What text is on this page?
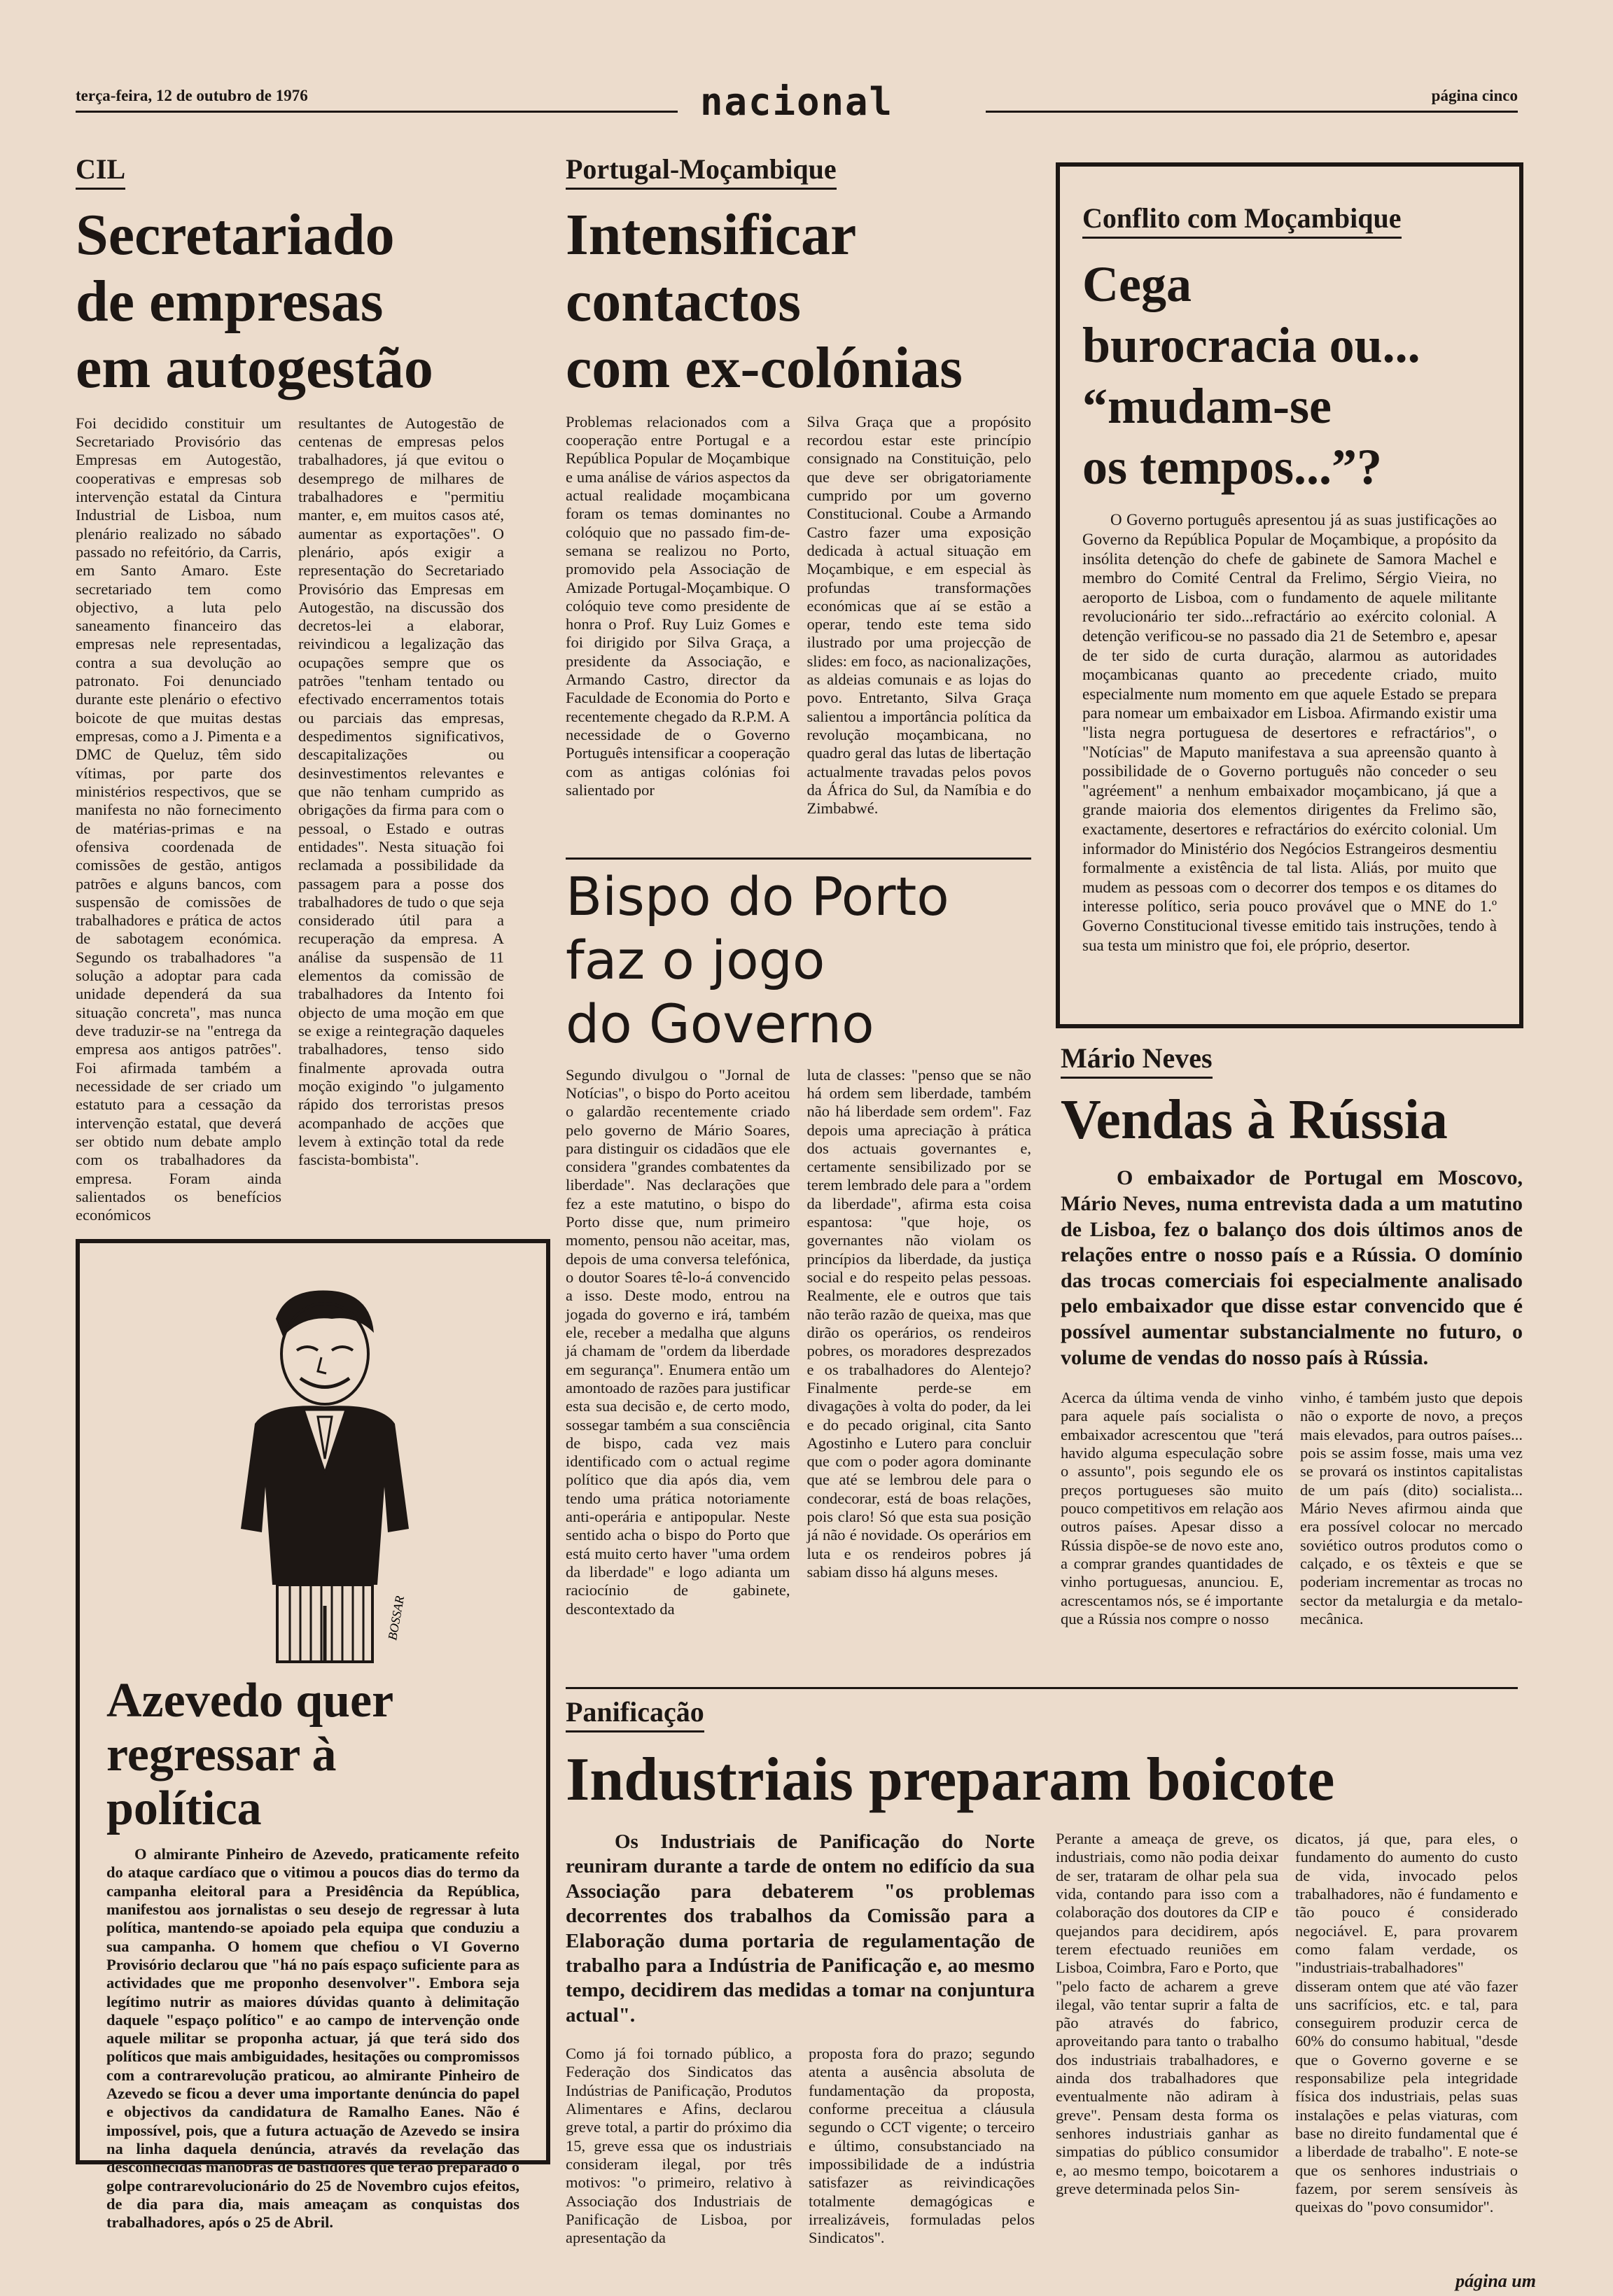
terça-feira, 12 de outubro de 1976	nacional	página cinco
CIL
Secretariado
de empresas
em autogestão
Foi decidido constituir um Secretariado Provisório das Empresas em Autogestão, cooperativas e empresas sob intervenção estatal da Cintura Industrial de Lisboa, num plenário realizado no sábado passado no refeitório, da Carris, em Santo Amaro. Este secretariado tem como objectivo, a luta pelo saneamento financeiro das empresas nele representadas, contra a sua devolução ao patronato. Foi denunciado durante este plenário o efectivo boicote de que muitas destas empresas, como a J. Pimenta e a DMC de Queluz, têm sido vítimas, por parte dos ministérios respectivos, que se manifesta no não fornecimento de matérias-primas e na ofensiva coordenada de comissões de gestão, antigos patrões e alguns bancos, com suspensão de comissões de trabalhadores e prática de actos de sabotagem económica. Segundo os trabalhadores "a solução a adoptar para cada unidade dependerá da sua situação concreta", mas nunca deve traduzir-se na "entrega da empresa aos antigos patrões". Foi afirmada também a necessidade de ser criado um estatuto para a cessação da intervenção estatal, que deverá ser obtido num debate amplo com os trabalhadores da empresa. Foram ainda salientados os benefícios económicos
resultantes de Autogestão de centenas de empresas pelos trabalhadores, já que evitou o desemprego de milhares de trabalhadores e "permitiu manter, e, em muitos casos até, aumentar as exportações". O plenário, após exigir a representação do Secretariado Provisório das Empresas em Autogestão, na discussão dos decretos-lei a elaborar, reivindicou a legalização das ocupações sempre que os patrões "tenham tentado ou efectivado encerramentos totais ou parciais das empresas, despedimentos significativos, descapitalizações ou desinvestimentos relevantes e que não tenham cumprido as obrigações da firma para com o pessoal, o Estado e outras entidades". Nesta situação foi reclamada a possibilidade da passagem para a posse dos trabalhadores de tudo o que seja considerado útil para a recuperação da empresa. A análise da suspensão de 11 elementos da comissão de trabalhadores da Intento foi objecto de uma moção em que se exige a reintegração daqueles trabalhadores, tenso sido finalmente aprovada outra moção exigindo "o julgamento rápido dos terroristas presos acompanhado de acções que levem à extinção total da rede fascista-bombista".
Portugal-Moçambique
Intensificar
contactos
com ex-colónias
Problemas relacionados com a cooperação entre Portugal e a República Popular de Moçambique e uma análise de vários aspectos da actual realidade moçambicana foram os temas dominantes no colóquio que no passado fim-de-semana se realizou no Porto, promovido pela Associação de Amizade Portugal-Moçambique. O colóquio teve como presidente de honra o Prof. Ruy Luiz Gomes e foi dirigido por Silva Graça, a presidente da Associação, e Armando Castro, director da Faculdade de Economia do Porto e recentemente chegado da R.P.M. A necessidade de o Governo Português intensificar a cooperação com as antigas colónias foi salientado por
Silva Graça que a propósito recordou estar este princípio consignado na Constituição, pelo que deve ser obrigatoriamente cumprido por um governo Constitucional. Coube a Armando Castro fazer uma exposição dedicada à actual situação em Moçambique, e em especial às profundas transformações económicas que aí se estão a operar, tendo este tema sido ilustrado por uma projecção de slides: em foco, as nacionalizações, as aldeias comunais e as lojas do povo. Entretanto, Silva Graça salientou a importância política da revolução moçambicana, no quadro geral das lutas de libertação actualmente travadas pelos povos da África do Sul, da Namíbia e do Zimbabwé.
Bispo do Porto
faz o jogo
do Governo
Segundo divulgou o "Jornal de Notícias", o bispo do Porto aceitou o galardão recentemente criado pelo governo de Mário Soares, para distinguir os cidadãos que ele considera "grandes combatentes da liberdade". Nas declarações que fez a este matutino, o bispo do Porto disse que, num primeiro momento, pensou não aceitar, mas, depois de uma conversa telefónica, o doutor Soares tê-lo-á convencido a isso. Deste modo, entrou na jogada do governo e irá, também ele, receber a medalha que alguns já chamam de "ordem da liberdade em segurança". Enumera então um amontoado de razões para justificar esta sua decisão e, de certo modo, sossegar também a sua consciência de bispo, cada vez mais identificado com o actual regime político que dia após dia, vem tendo uma prática notoriamente anti-operária e antipopular. Neste sentido acha o bispo do Porto que está muito certo haver "uma ordem da liberdade" e logo adianta um raciocínio de gabinete, descontextado da
luta de classes: "penso que se não há ordem sem liberdade, também não há liberdade sem ordem". Faz depois uma apreciação à prática dos actuais governantes e, certamente sensibilizado por se terem lembrado dele para a "ordem da liberdade", afirma esta coisa espantosa: "que hoje, os governantes não violam os princípios da liberdade, da justiça social e do respeito pelas pessoas. Realmente, ele e outros que tais não terão razão de queixa, mas que dirão os operários, os rendeiros pobres, os moradores desprezados e os trabalhadores do Alentejo? Finalmente perde-se em divagações à volta do poder, da lei e do pecado original, cita Santo Agostinho e Lutero para concluir que com o poder agora dominante que até se lembrou dele para o condecorar, está de boas relações, pois claro! Só que esta sua posição já não é novidade. Os operários em luta e os rendeiros pobres já sabiam disso há alguns meses.
Conflito com Moçambique
Cega
burocracia ou...
“mudam-se
os tempos...”?
O Governo português apresentou já as suas justificações ao Governo da República Popular de Moçambique, a propósito da insólita detenção do chefe de gabinete de Samora Machel e membro do Comité Central da Frelimo, Sérgio Vieira, no aeroporto de Lisboa, com o fundamento de aquele militante revolucionário ter sido...refractário ao exército colonial. A detenção verificou-se no passado dia 21 de Setembro e, apesar de ter sido de curta duração, alarmou as autoridades moçambicanas quanto ao precedente criado, muito especialmente num momento em que aquele Estado se prepara para nomear um embaixador em Lisboa. Afirmando existir uma "lista negra portuguesa de desertores e refractários", o "Notícias" de Maputo manifestava a sua apreensão quanto à possibilidade de o Governo português não conceder o seu "agréement" a nenhum embaixador moçambicano, já que a grande maioria dos elementos dirigentes da Frelimo são, exactamente, desertores e refractários do exército colonial. Um informador do Ministério dos Negócios Estrangeiros desmentiu formalmente a existência de tal lista. Aliás, por muito que mudem as pessoas com o decorrer dos tempos e os ditames do interesse político, seria pouco provável que o MNE do 1.º Governo Constitucional tivesse emitido tais instruções, tendo à sua testa um ministro que foi, ele próprio, desertor.
Mário Neves
Vendas à Rússia
O embaixador de Portugal em Moscovo, Mário Neves, numa entrevista dada a um matutino de Lisboa, fez o balanço dos dois últimos anos de relações entre o nosso país e a Rússia. O domínio das trocas comerciais foi especialmente analisado pelo embaixador que disse estar convencido que é possível aumentar substancialmente no futuro, o volume de vendas do nosso país à Rússia.
Acerca da última venda de vinho para aquele país socialista o embaixador acrescentou que "terá havido alguma especulação sobre o assunto", pois segundo ele os preços portugueses são muito pouco competitivos em relação aos outros países. Apesar disso a Rússia dispõe-se de novo este ano, a comprar grandes quantidades de vinho portuguesas, anunciou. E, acrescentamos nós, se é importante que a Rússia nos compre o nosso
vinho, é também justo que depois não o exporte de novo, a preços mais elevados, para outros países... pois se assim fosse, mais uma vez se provará os instintos capitalistas de um país (dito) socialista... Mário Neves afirmou ainda que era possível colocar no mercado soviético outros produtos como o calçado, e os têxteis e que se poderiam incrementar as trocas no sector da metalurgia e da metalo-mecânica.
BOSSAR
Azevedo quer
regressar à
política
O almirante Pinheiro de Azevedo, praticamente refeito do ataque cardíaco que o vitimou a poucos dias do termo da campanha eleitoral para a Presidência da República, manifestou aos jornalistas o seu desejo de regressar à luta política, mantendo-se apoiado pela equipa que conduziu a sua campanha. O homem que chefiou o VI Governo Provisório declarou que "há no país espaço suficiente para as actividades que me proponho desenvolver". Embora seja legítimo nutrir as maiores dúvidas quanto à delimitação daquele "espaço político" e ao campo de intervenção onde aquele militar se proponha actuar, já que terá sido dos políticos que mais ambiguidades, hesitações ou compromissos com a contrarevolução praticou, ao almirante Pinheiro de Azevedo se ficou a dever uma importante denúncia do papel e objectivos da candidatura de Ramalho Eanes. Não é impossível, pois, que a futura actuação de Azevedo se insira na linha daquela denúncia, através da revelação das desconhecidas manobras de bastidores que terão preparado o golpe contrarevolucionário do 25 de Novembro cujos efeitos, de dia para dia, mais ameaçam as conquistas dos trabalhadores, após o 25 de Abril.
Panificação
Industriais preparam boicote
Os Industriais de Panificação do Norte reuniram durante a tarde de ontem no edifício da sua Associação para debaterem "os problemas decorrentes dos trabalhos da Comissão para a Elaboração duma portaria de regulamentação de trabalho para a Indústria de Panificação e, ao mesmo tempo, decidirem das medidas a tomar na conjuntura actual".
Como já foi tornado público, a Federação dos Sindicatos das Indústrias de Panificação, Produtos Alimentares e Afins, declarou greve total, a partir do próximo dia 15, greve essa que os industriais consideram ilegal, por três motivos: "o primeiro, relativo à Associação dos Industriais de Panificação de Lisboa, por apresentação da
proposta fora do prazo; segundo atenta a ausência absoluta de fundamentação da proposta, conforme preceitua a cláusula segundo o CCT vigente; o terceiro e último, consubstanciado na impossibilidade de a indústria satisfazer as reivindicações totalmente demagógicas e irrealizáveis, formuladas pelos Sindicatos".
Perante a ameaça de greve, os industriais, como não podia deixar de ser, trataram de olhar pela sua vida, contando para isso com a colaboração dos doutores da CIP e quejandos para decidirem, após terem efectuado reuniões em Lisboa, Coimbra, Faro e Porto, que "pelo facto de acharem a greve ilegal, vão tentar suprir a falta de pão através do fabrico, aproveitando para tanto o trabalho dos industriais trabalhadores, e ainda dos trabalhadores que eventualmente não adiram à greve". Pensam desta forma os senhores industriais ganhar as simpatias do público consumidor e, ao mesmo tempo, boicotarem a greve determinada pelos Sin-
dicatos, já que, para eles, o fundamento do aumento do custo de vida, invocado pelos trabalhadores, não é fundamento e tão pouco é considerado negociável. E, para provarem como falam verdade, os "industriais-trabalhadores" disseram ontem que até vão fazer uns sacrifícios, etc. e tal, para conseguirem produzir cerca de 60% do consumo habitual, "desde que o Governo governe e se responsabilize pela integridade física dos industriais, pelas suas instalações e pelas viaturas, com base no direito fundamental que é a liberdade de trabalho". E note-se que os senhores industriais o fazem, por serem sensíveis às queixas do "povo consumidor".
página um
